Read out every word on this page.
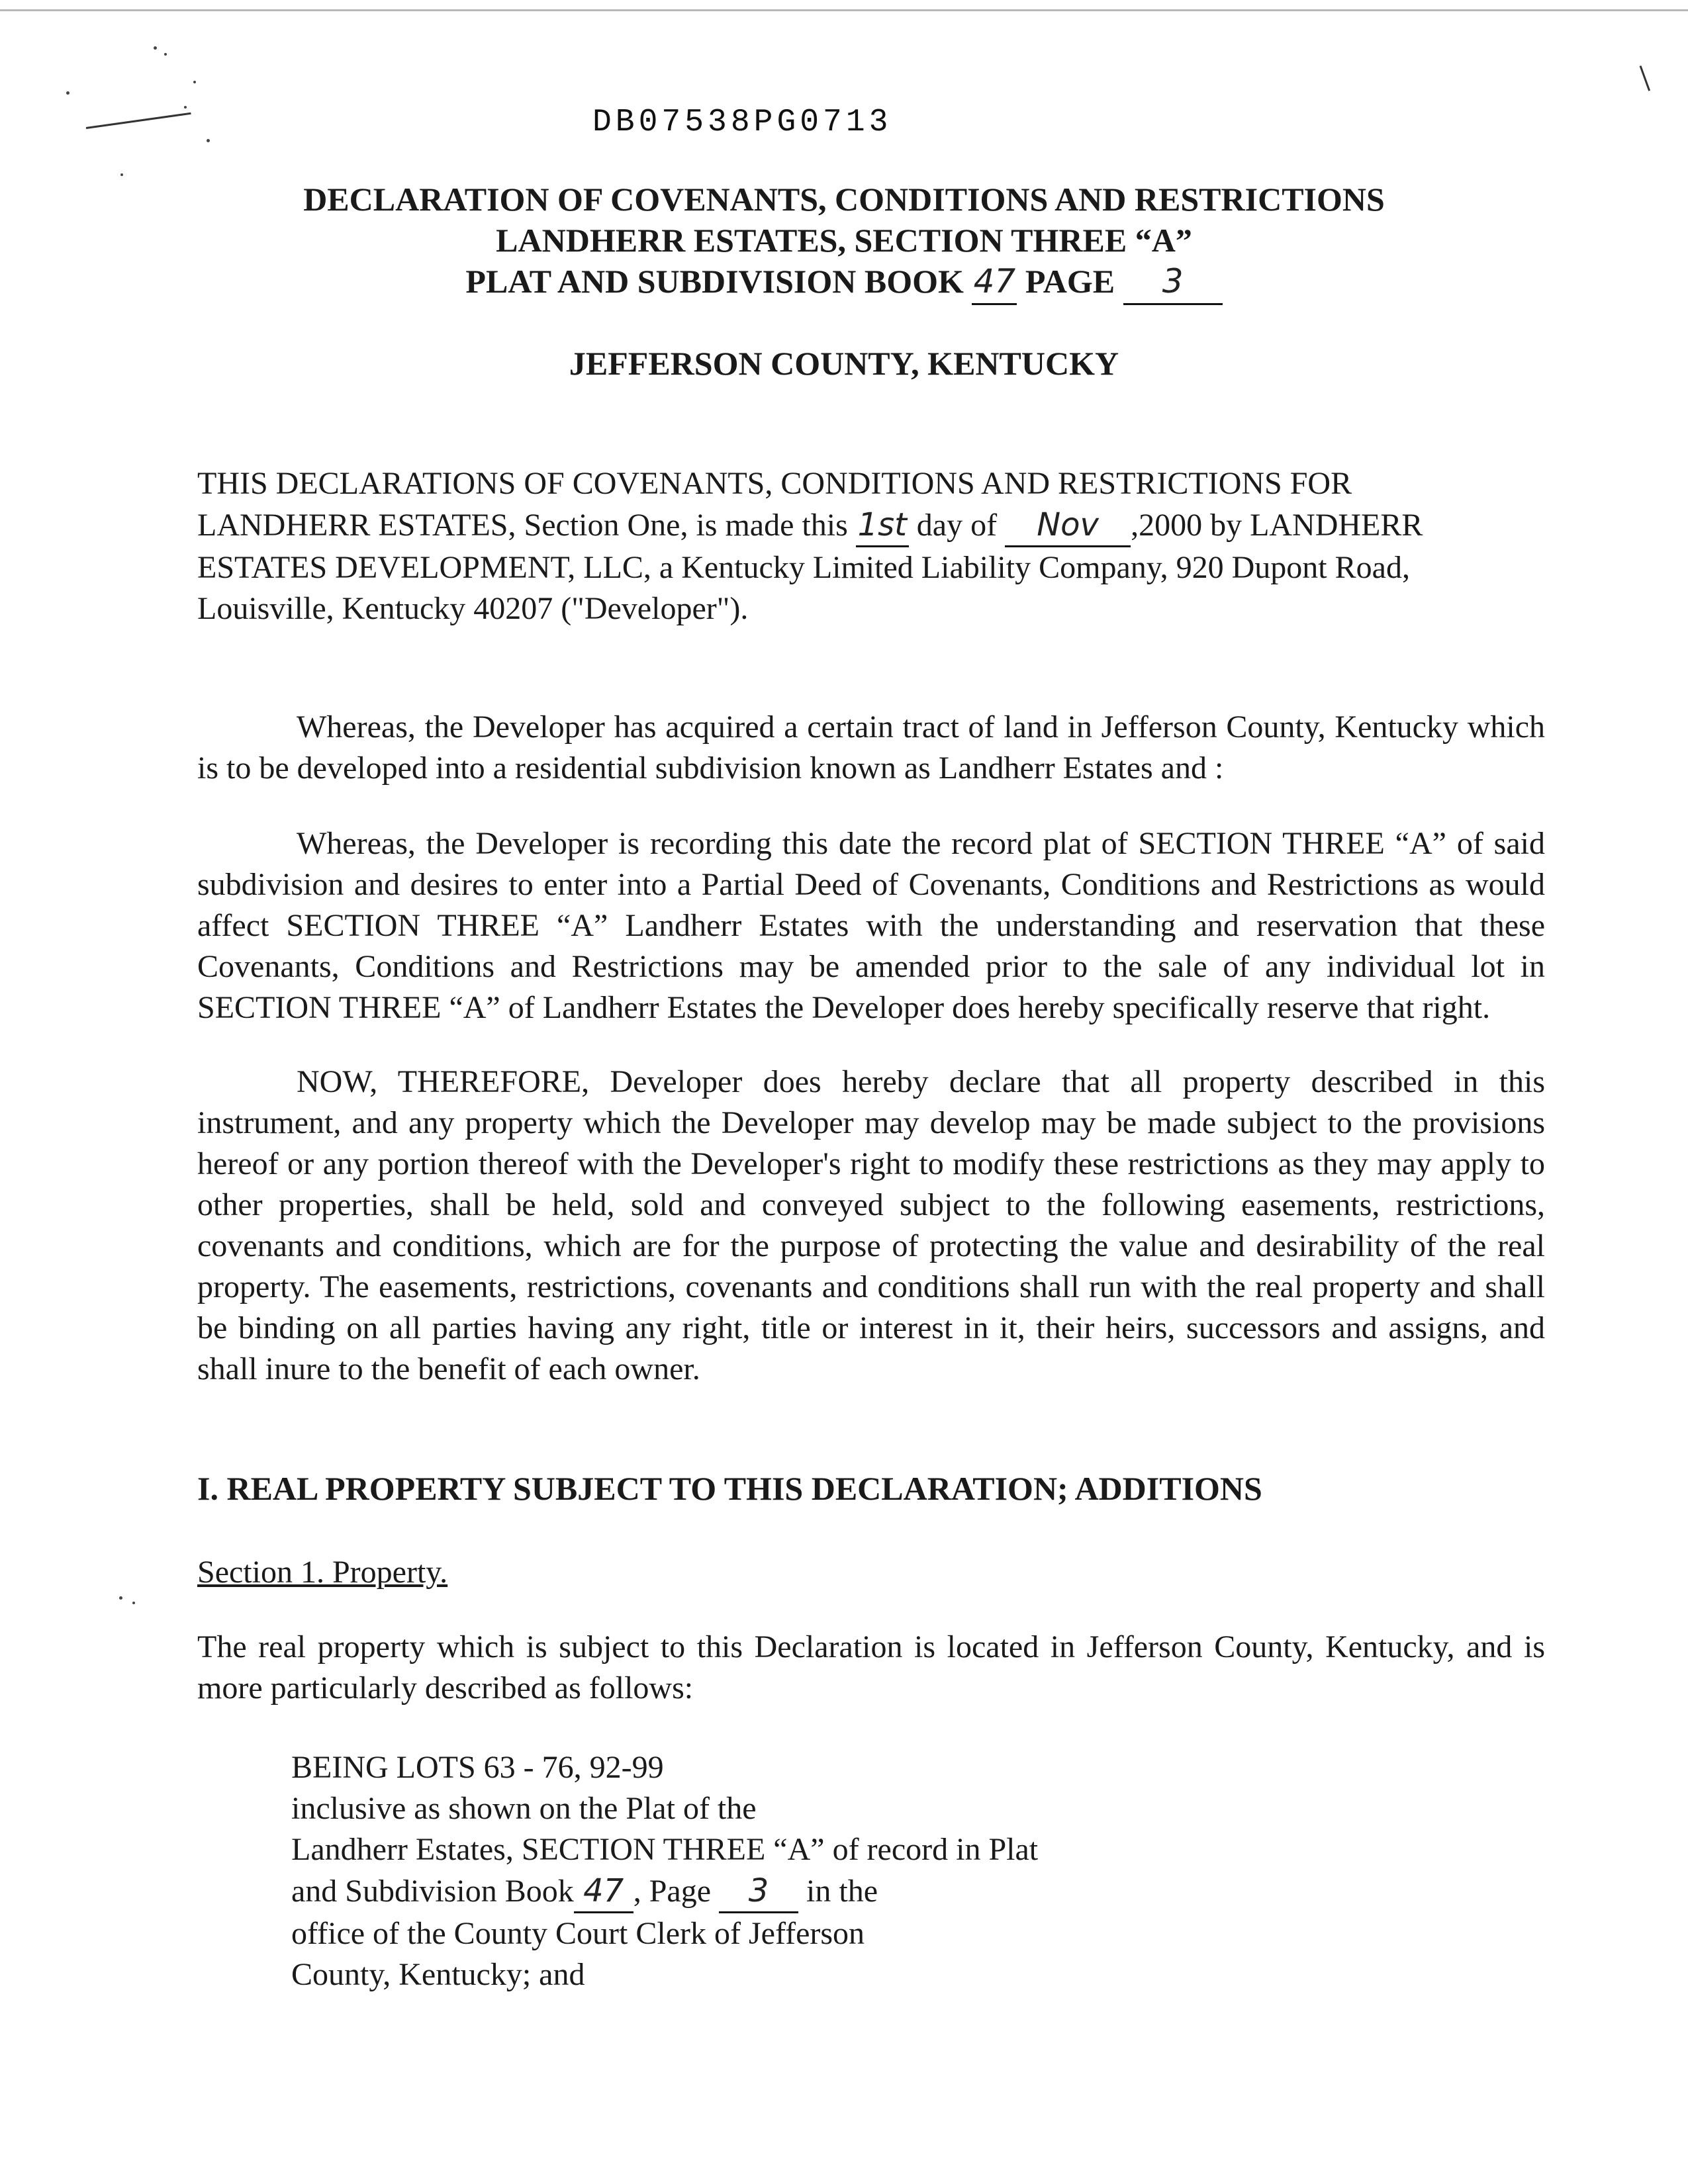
DB07538PG0713
DECLARATION OF COVENANTS, CONDITIONS AND RESTRICTIONS
LANDHERR ESTATES, SECTION THREE “A”
PLAT AND SUBDIVISION BOOK 47 PAGE 3
JEFFERSON COUNTY, KENTUCKY
THIS DECLARATIONS OF COVENANTS, CONDITIONS AND RESTRICTIONS FOR
LANDHERR ESTATES, Section One, is made this 1st day of Nov ,2000 by LANDHERR
ESTATES DEVELOPMENT, LLC, a Kentucky Limited Liability Company, 920 Dupont Road,
Louisville, Kentucky 40207 ("Developer").
Whereas, the Developer has acquired a certain tract of land in Jefferson County, Kentucky which is to be developed into a residential subdivision known as Landherr Estates and :
Whereas, the Developer is recording this date the record plat of SECTION THREE “A” of said subdivision and desires to enter into a Partial Deed of Covenants, Conditions and Restrictions as would affect SECTION THREE “A” Landherr Estates with the understanding and reservation that these Covenants, Conditions and Restrictions may be amended prior to the sale of any individual lot in SECTION THREE “A” of Landherr Estates the Developer does hereby specifically reserve that right.
NOW, THEREFORE, Developer does hereby declare that all property described in this instrument, and any property which the Developer may develop may be made subject to the provisions hereof or any portion thereof with the Developer's right to modify these restrictions as they may apply to other properties, shall be held, sold and conveyed subject to the following easements, restrictions, covenants and conditions, which are for the purpose of protecting the value and desirability of the real property. The easements, restrictions, covenants and conditions shall run with the real property and shall be binding on all parties having any right, title or interest in it, their heirs, successors and assigns, and shall inure to the benefit of each owner.
I. REAL PROPERTY SUBJECT TO THIS DECLARATION; ADDITIONS
Section 1. Property.
The real property which is subject to this Declaration is located in Jefferson County, Kentucky, and is more particularly described as follows:
BEING LOTS 63 - 76, 92-99
inclusive as shown on the Plat of the
Landherr Estates, SECTION THREE “A” of record in Plat
and Subdivision Book 47 , Page 3 in the
office of the County Court Clerk of Jefferson
County, Kentucky; and
